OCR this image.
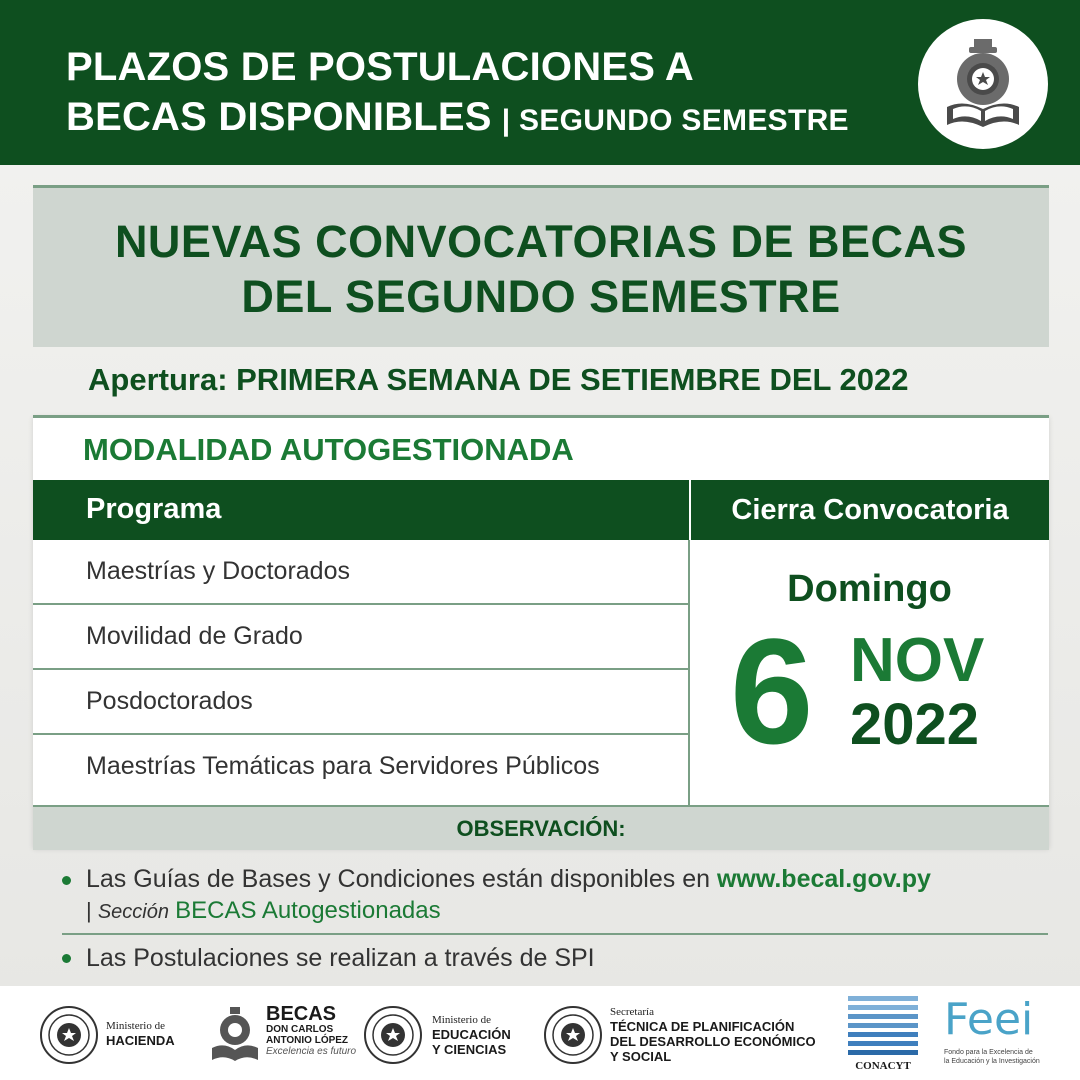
PLAZOS DE POSTULACIONES A
BECAS DISPONIBLES | SEGUNDO SEMESTRE
NUEVAS CONVOCATORIAS DE BECAS
DEL SEGUNDO SEMESTRE
Apertura: PRIMERA SEMANA DE SETIEMBRE DEL 2022
MODALIDAD AUTOGESTIONADA
Programa	Cierra Convocatoria
Maestrías y Doctorados
Movilidad de Grado
Posdoctorados
Maestrías Temáticas para Servidores Públicos
Domingo
6 NOV
2022
OBSERVACIÓN:
Las Guías de Bases y Condiciones están disponibles en www.becal.gov.py
| Sección BECAS Autogestionadas
Las Postulaciones se realizan a través de SPI
Ministerio de
HACIENDA
BECAS
DON CARLOS
ANTONIO LÓPEZ
Excelencia es futuro
Ministerio de
EDUCACIÓN
Y CIENCIAS
Secretaría
TÉCNICA DE PLANIFICACIÓN
DEL DESARROLLO ECONÓMICO
Y SOCIAL
CONACYT
Feei
Fondo para la Excelencia de
la Educación y la Investigación
